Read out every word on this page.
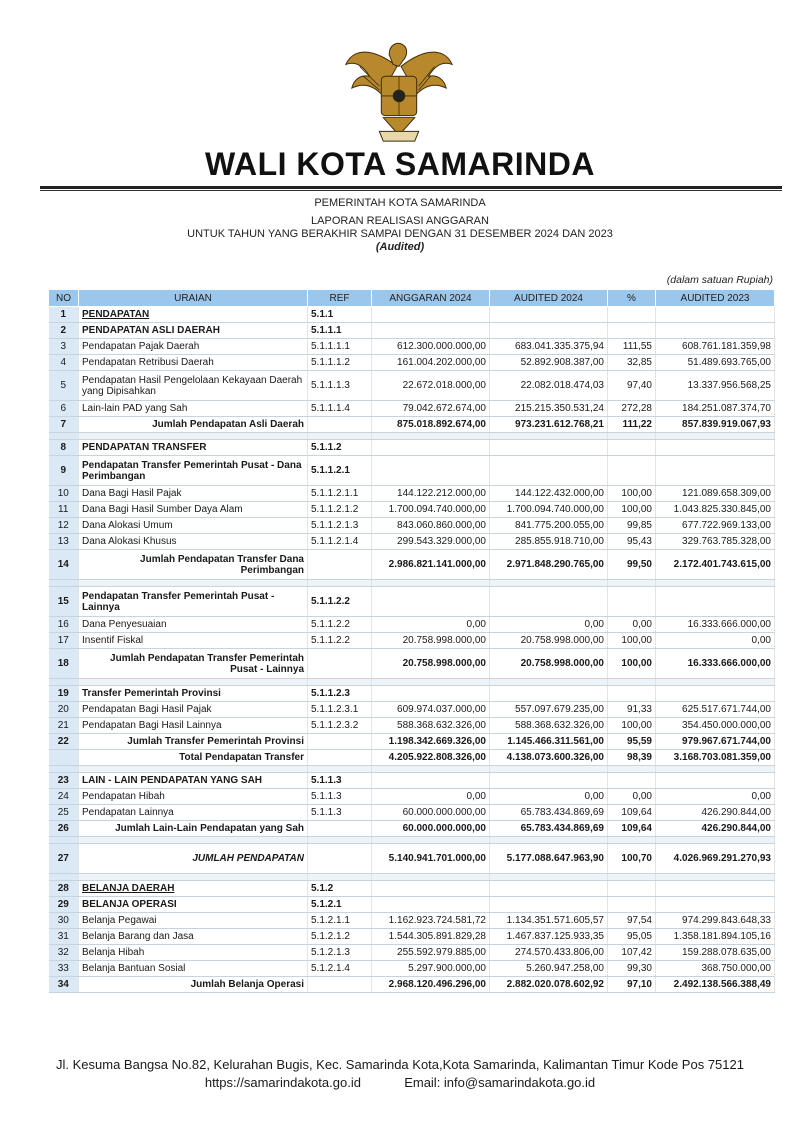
WALI KOTA SAMARINDA
PEMERINTAH KOTA SAMARINDA
LAPORAN REALISASI ANGGARAN
UNTUK TAHUN YANG BERAKHIR SAMPAI DENGAN 31 DESEMBER 2024 DAN 2023
(Audited)
(dalam satuan Rupiah)
NO	URAIAN	REF	ANGGARAN 2024	AUDITED 2024	%	AUDITED 2023
1	PENDAPATAN	5.1.1				
2	PENDAPATAN ASLI DAERAH	5.1.1.1				
3	Pendapatan Pajak Daerah	5.1.1.1.1	612.300.000.000,00	683.041.335.375,94	111,55	608.761.181.359,98
4	Pendapatan Retribusi Daerah	5.1.1.1.2	161.004.202.000,00	52.892.908.387,00	32,85	51.489.693.765,00
5	Pendapatan Hasil Pengelolaan Kekayaan Daerah yang Dipisahkan	5.1.1.1.3	22.672.018.000,00	22.082.018.474,03	97,40	13.337.956.568,25
6	Lain-lain PAD yang Sah	5.1.1.1.4	79.042.672.674,00	215.215.350.531,24	272,28	184.251.087.374,70
7	Jumlah Pendapatan Asli Daerah		875.018.892.674,00	973.231.612.768,21	111,22	857.839.919.067,93

8	PENDAPATAN TRANSFER	5.1.1.2				
9	Pendapatan Transfer Pemerintah Pusat - Dana Perimbangan	5.1.1.2.1				
10	Dana Bagi Hasil Pajak	5.1.1.2.1.1	144.122.212.000,00	144.122.432.000,00	100,00	121.089.658.309,00
11	Dana Bagi Hasil Sumber Daya Alam	5.1.1.2.1.2	1.700.094.740.000,00	1.700.094.740.000,00	100,00	1.043.825.330.845,00
12	Dana Alokasi Umum	5.1.1.2.1.3	843.060.860.000,00	841.775.200.055,00	99,85	677.722.969.133,00
13	Dana Alokasi Khusus	5.1.1.2.1.4	299.543.329.000,00	285.855.918.710,00	95,43	329.763.785.328,00
14	Jumlah Pendapatan Transfer Dana Perimbangan		2.986.821.141.000,00	2.971.848.290.765,00	99,50	2.172.401.743.615,00

15	Pendapatan Transfer Pemerintah Pusat - Lainnya	5.1.1.2.2				
16	Dana Penyesuaian	5.1.1.2.2	0,00	0,00	0,00	16.333.666.000,00
17	Insentif Fiskal	5.1.1.2.2	20.758.998.000,00	20.758.998.000,00	100,00	0,00
18	Jumlah Pendapatan Transfer Pemerintah Pusat - Lainnya		20.758.998.000,00	20.758.998.000,00	100,00	16.333.666.000,00

19	Transfer Pemerintah Provinsi	5.1.1.2.3				
20	Pendapatan Bagi Hasil Pajak	5.1.1.2.3.1	609.974.037.000,00	557.097.679.235,00	91,33	625.517.671.744,00
21	Pendapatan Bagi Hasil Lainnya	5.1.1.2.3.2	588.368.632.326,00	588.368.632.326,00	100,00	354.450.000.000,00
22	Jumlah Transfer Pemerintah Provinsi		1.198.342.669.326,00	1.145.466.311.561,00	95,59	979.967.671.744,00
	Total Pendapatan Transfer		4.205.922.808.326,00	4.138.073.600.326,00	98,39	3.168.703.081.359,00

23	LAIN - LAIN PENDAPATAN YANG SAH	5.1.1.3				
24	Pendapatan Hibah	5.1.1.3	0,00	0,00	0,00	0,00
25	Pendapatan Lainnya	5.1.1.3	60.000.000.000,00	65.783.434.869,69	109,64	426.290.844,00
26	Jumlah Lain-Lain Pendapatan yang Sah		60.000.000.000,00	65.783.434.869,69	109,64	426.290.844,00

27	JUMLAH PENDAPATAN		5.140.941.701.000,00	5.177.088.647.963,90	100,70	4.026.969.291.270,93

28	BELANJA DAERAH	5.1.2				
29	BELANJA OPERASI	5.1.2.1				
30	Belanja Pegawai	5.1.2.1.1	1.162.923.724.581,72	1.134.351.571.605,57	97,54	974.299.843.648,33
31	Belanja Barang dan Jasa	5.1.2.1.2	1.544.305.891.829,28	1.467.837.125.933,35	95,05	1.358.181.894.105,16
32	Belanja Hibah	5.1.2.1.3	255.592.979.885,00	274.570.433.806,00	107,42	159.288.078.635,00
33	Belanja Bantuan Sosial	5.1.2.1.4	5.297.900.000,00	5.260.947.258,00	99,30	368.750.000,00
34	Jumlah Belanja Operasi		2.968.120.496.296,00	2.882.020.078.602,92	97,10	2.492.138.566.388,49
Jl. Kesuma Bangsa No.82, Kelurahan Bugis, Kec. Samarinda Kota,Kota Samarinda, Kalimantan Timur Kode Pos 75121
https://samarindakota.go.id	Email: info@samarindakota.go.id
